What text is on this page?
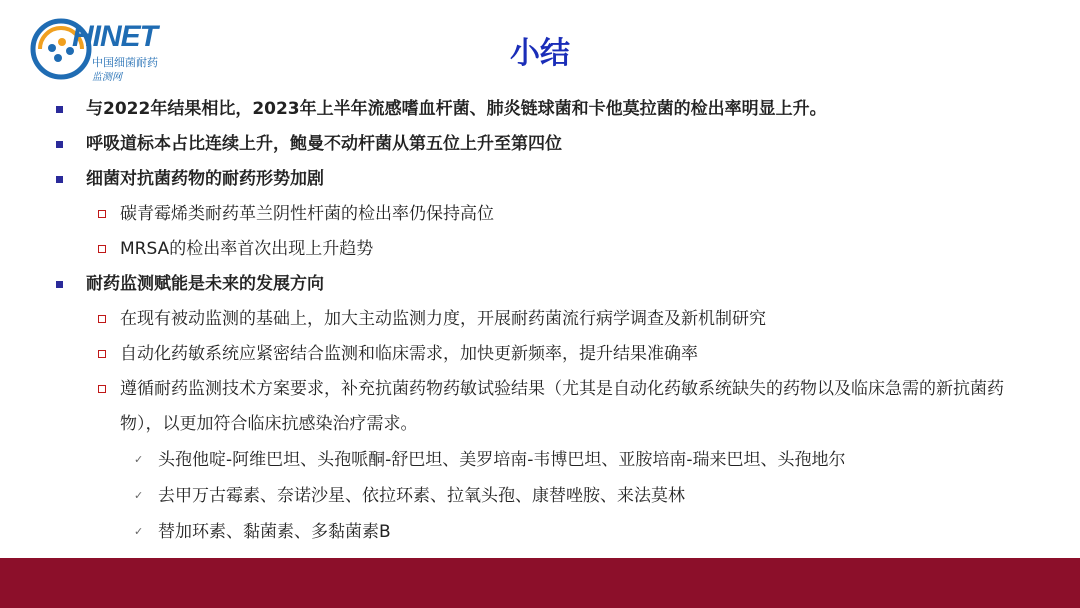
HINET
中国细菌耐药
监测网
小结
与2022年结果相比，2023年上半年流感嗜血杆菌、肺炎链球菌和卡他莫拉菌的检出率明显上升。
呼吸道标本占比连续上升，鲍曼不动杆菌从第五位上升至第四位
细菌对抗菌药物的耐药形势加剧
碳青霉烯类耐药革兰阴性杆菌的检出率仍保持高位
MRSA的检出率首次出现上升趋势
耐药监测赋能是未来的发展方向
在现有被动监测的基础上，加大主动监测力度，开展耐药菌流行病学调查及新机制研究
自动化药敏系统应紧密结合监测和临床需求，加快更新频率，提升结果准确率
遵循耐药监测技术方案要求，补充抗菌药物药敏试验结果（尤其是自动化药敏系统缺失的药物以及临床急需的新抗菌药物），以更加符合临床抗感染治疗需求。
✓ 头孢他啶-阿维巴坦、头孢哌酮-舒巴坦、美罗培南-韦博巴坦、亚胺培南-瑞来巴坦、头孢地尔
✓ 去甲万古霉素、奈诺沙星、依拉环素、拉氧头孢、康替唑胺、来法莫林
✓ 替加环素、黏菌素、多黏菌素B
